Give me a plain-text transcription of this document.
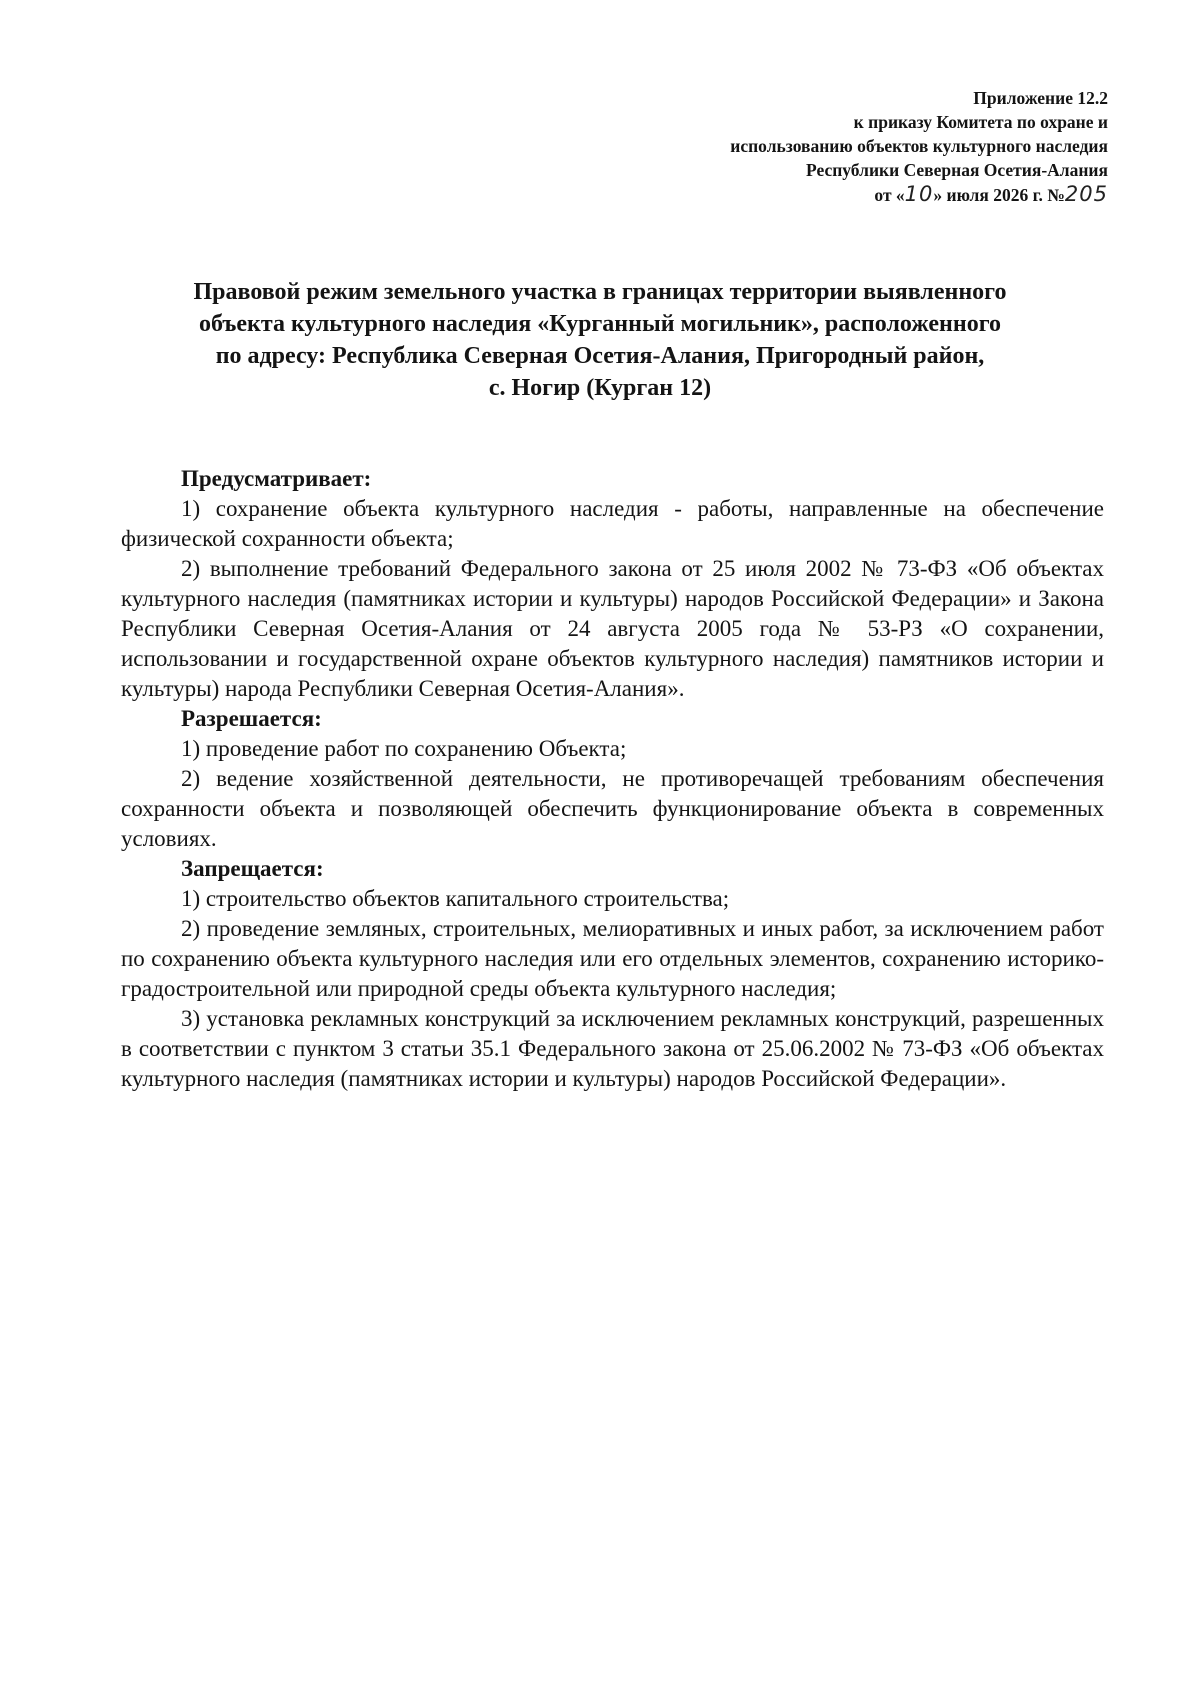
Приложение 12.2
к приказу Комитета по охране и
использованию объектов культурного наследия
Республики Северная Осетия-Алания
от «10» июля 2026 г. №205
Правовой режим земельного участка в границах территории выявленного
объекта культурного наследия «Курганный могильник», расположенного
по адресу: Республика Северная Осетия-Алания, Пригородный район,
с. Ногир (Курган 12)
Предусматривает:

1) сохранение объекта культурного наследия - работы, направленные на обеспечение физической сохранности объекта;

2) выполнение требований Федерального закона от 25 июля 2002 № 73-ФЗ «Об объектах культурного наследия (памятниках истории и культуры) народов Российской Федерации» и Закона Республики Северная Осетия-Алания от 24 августа 2005 года № 53-РЗ «О сохранении, использовании и государственной охране объектов культурного наследия) памятников истории и культуры) народа Республики Северная Осетия-Алания».

Разрешается:

1) проведение работ по сохранению Объекта;

2) ведение хозяйственной деятельности, не противоречащей требованиям обеспечения сохранности объекта и позволяющей обеспечить функционирование объекта в современных условиях.

Запрещается:

1) строительство объектов капитального строительства;

2) проведение земляных, строительных, мелиоративных и иных работ, за исключением работ по сохранению объекта культурного наследия или его отдельных элементов, сохранению историко-градостроительной или природной среды объекта культурного наследия;

3) установка рекламных конструкций за исключением рекламных конструкций, разрешенных в соответствии с пунктом 3 статьи 35.1 Федерального закона от 25.06.2002 № 73-ФЗ «Об объектах культурного наследия (памятниках истории и культуры) народов Российской Федерации».
